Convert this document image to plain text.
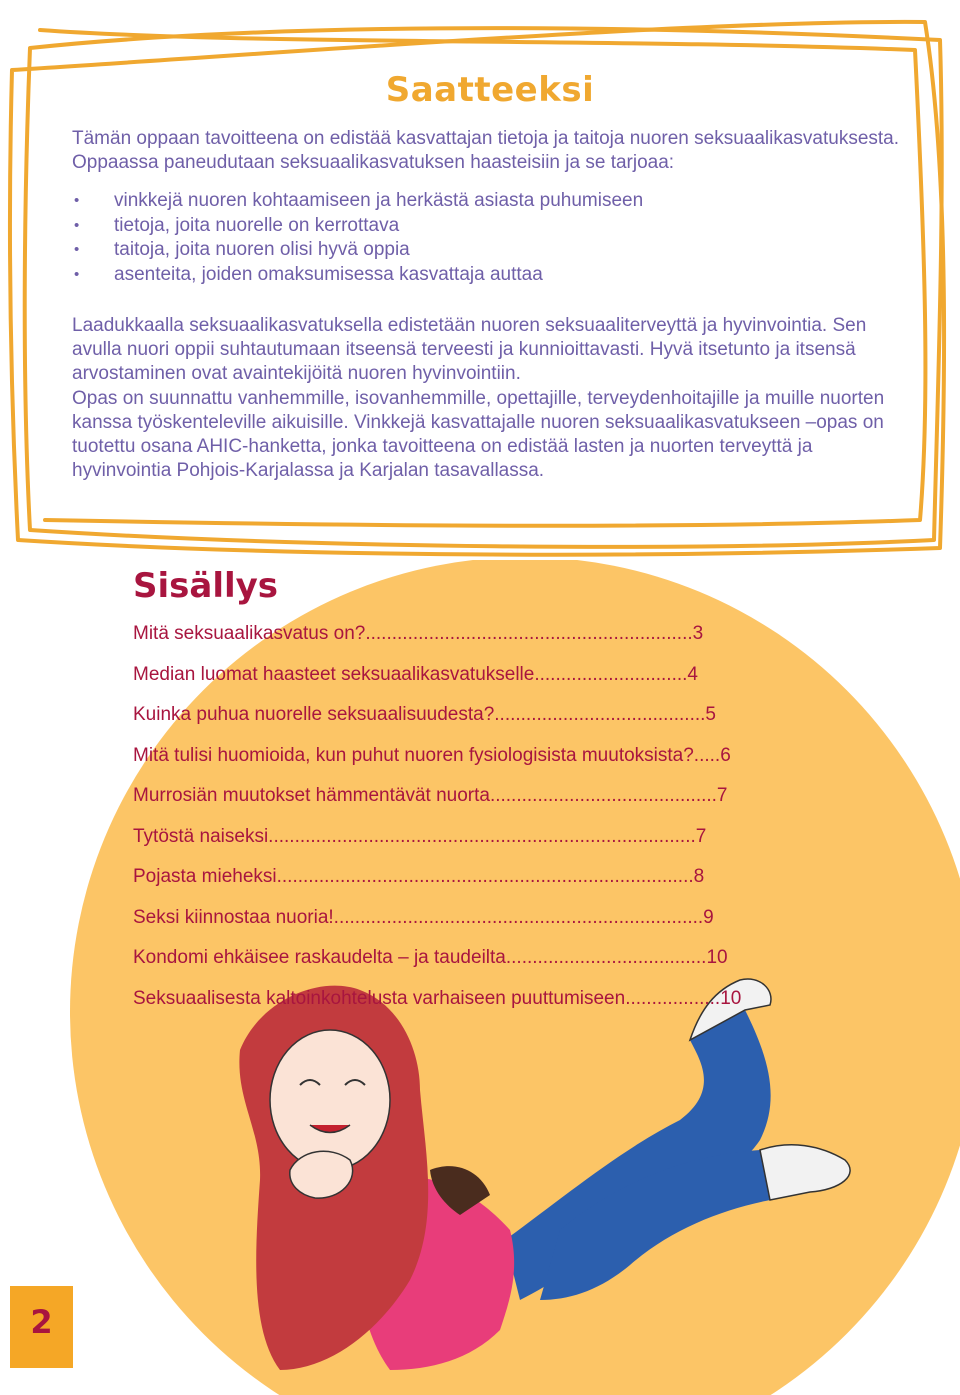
Saatteeksi
Tämän oppaan tavoitteena on edistää kasvattajan tietoja ja taitoja nuoren seksuaalikasvatuksesta. Oppaassa paneudutaan seksuaalikasvatuksen haasteisiin ja se tarjoaa:
• vinkkejä nuoren kohtaamiseen ja herkästä asiasta puhumiseen
• tietoja, joita nuorelle on kerrottava
• taitoja, joita nuoren olisi hyvä oppia
• asenteita, joiden omaksumisessa kasvattaja auttaa
Laadukkaalla seksuaalikasvatuksella edistetään nuoren seksuaaliterveyttä ja hyvinvointia. Sen avulla nuori oppii suhtautumaan itseensä terveesti ja kunnioittavasti. Hyvä itsetunto ja itsensä arvostaminen ovat avaintekijöitä nuoren hyvinvointiin.
Opas on suunnattu vanhemmille, isovanhemmille, opettajille, terveydenhoitajille ja muille nuorten kanssa työskenteleville aikuisille. Vinkkejä kasvattajalle nuoren seksuaalikasvatukseen –opas on tuotettu osana AHIC-hanketta, jonka tavoitteena on edistää lasten ja nuorten terveyttä ja hyvinvointia Pohjois-Karjalassa ja Karjalan tasavallassa.
Sisällys
Mitä seksuaalikasvatus on?..............................................................3
Median luomat haasteet seksuaalikasvatukselle.............................4
Kuinka puhua nuorelle seksuaalisuudesta?........................................5
Mitä tulisi huomioida, kun puhut nuoren fysiologisista muutoksista?.....6
Murrosiän muutokset hämmentävät nuorta...........................................7
Tytöstä naiseksi.................................................................................7
Pojasta mieheksi...............................................................................8
Seksi kiinnostaa nuoria!......................................................................9
Kondomi ehkäisee raskaudelta – ja taudeilta......................................10
Seksuaalisesta kaltoinkohtelusta varhaiseen puuttumiseen..................10
2
